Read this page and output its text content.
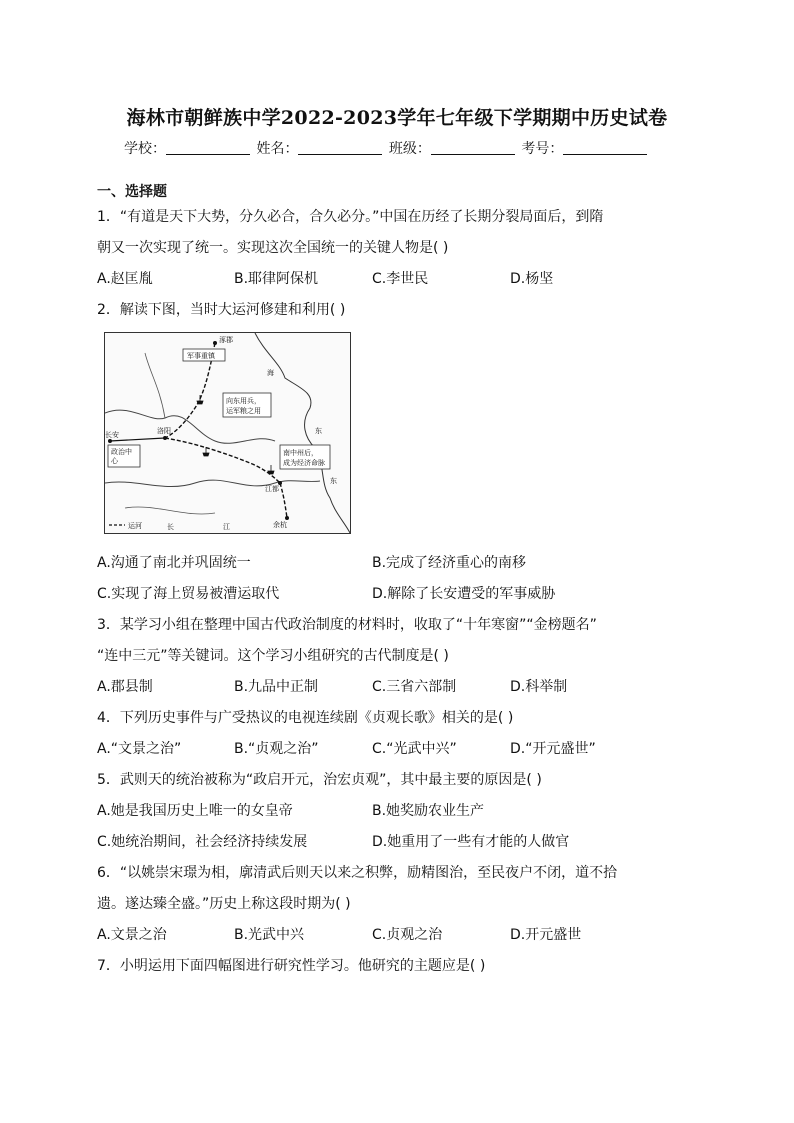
海林市朝鲜族中学2022-2023学年七年级下学期期中历史试卷
学校：	姓名：	班级：	考号：
一、选择题
1．“有道是天下大势，分久必合，合久必分。”中国在历经了长期分裂局面后，到隋
朝又一次实现了统一。实现这次全国统一的关键人物是( )
A.赵匡胤	B.耶律阿保机	C.李世民	D.杨坚
2．解读下图，当时大运河修建和利用( )
军事重镇
涿郡
向东用兵，
运军粮之用
长安	洛阳
政治中
心
南中州后，
成为经济命脉
江都
余杭
海
东
东
长	江
运河
A.沟通了南北并巩固统一	B.完成了经济重心的南移
C.实现了海上贸易被漕运取代	D.解除了长安遭受的军事威胁
3．某学习小组在整理中国古代政治制度的材料时，收取了“十年寒窗”“金榜题名”
“连中三元”等关键词。这个学习小组研究的古代制度是( )
A.郡县制	B.九品中正制	C.三省六部制	D.科举制
4．下列历史事件与广受热议的电视连续剧《贞观长歌》相关的是( )
A.“文景之治”	B.“贞观之治”	C.“光武中兴”	D.“开元盛世”
5．武则天的统治被称为“政启开元，治宏贞观”，其中最主要的原因是( )
A.她是我国历史上唯一的女皇帝	B.她奖励农业生产
C.她统治期间，社会经济持续发展	D.她重用了一些有才能的人做官
6．“以姚崇宋璟为相，廓清武后则天以来之积弊，励精图治，至民夜户不闭，道不拾
遗。遂达臻全盛。”历史上称这段时期为( )
A.文景之治	B.光武中兴	C.贞观之治	D.开元盛世
7．小明运用下面四幅图进行研究性学习。他研究的主题应是( )
